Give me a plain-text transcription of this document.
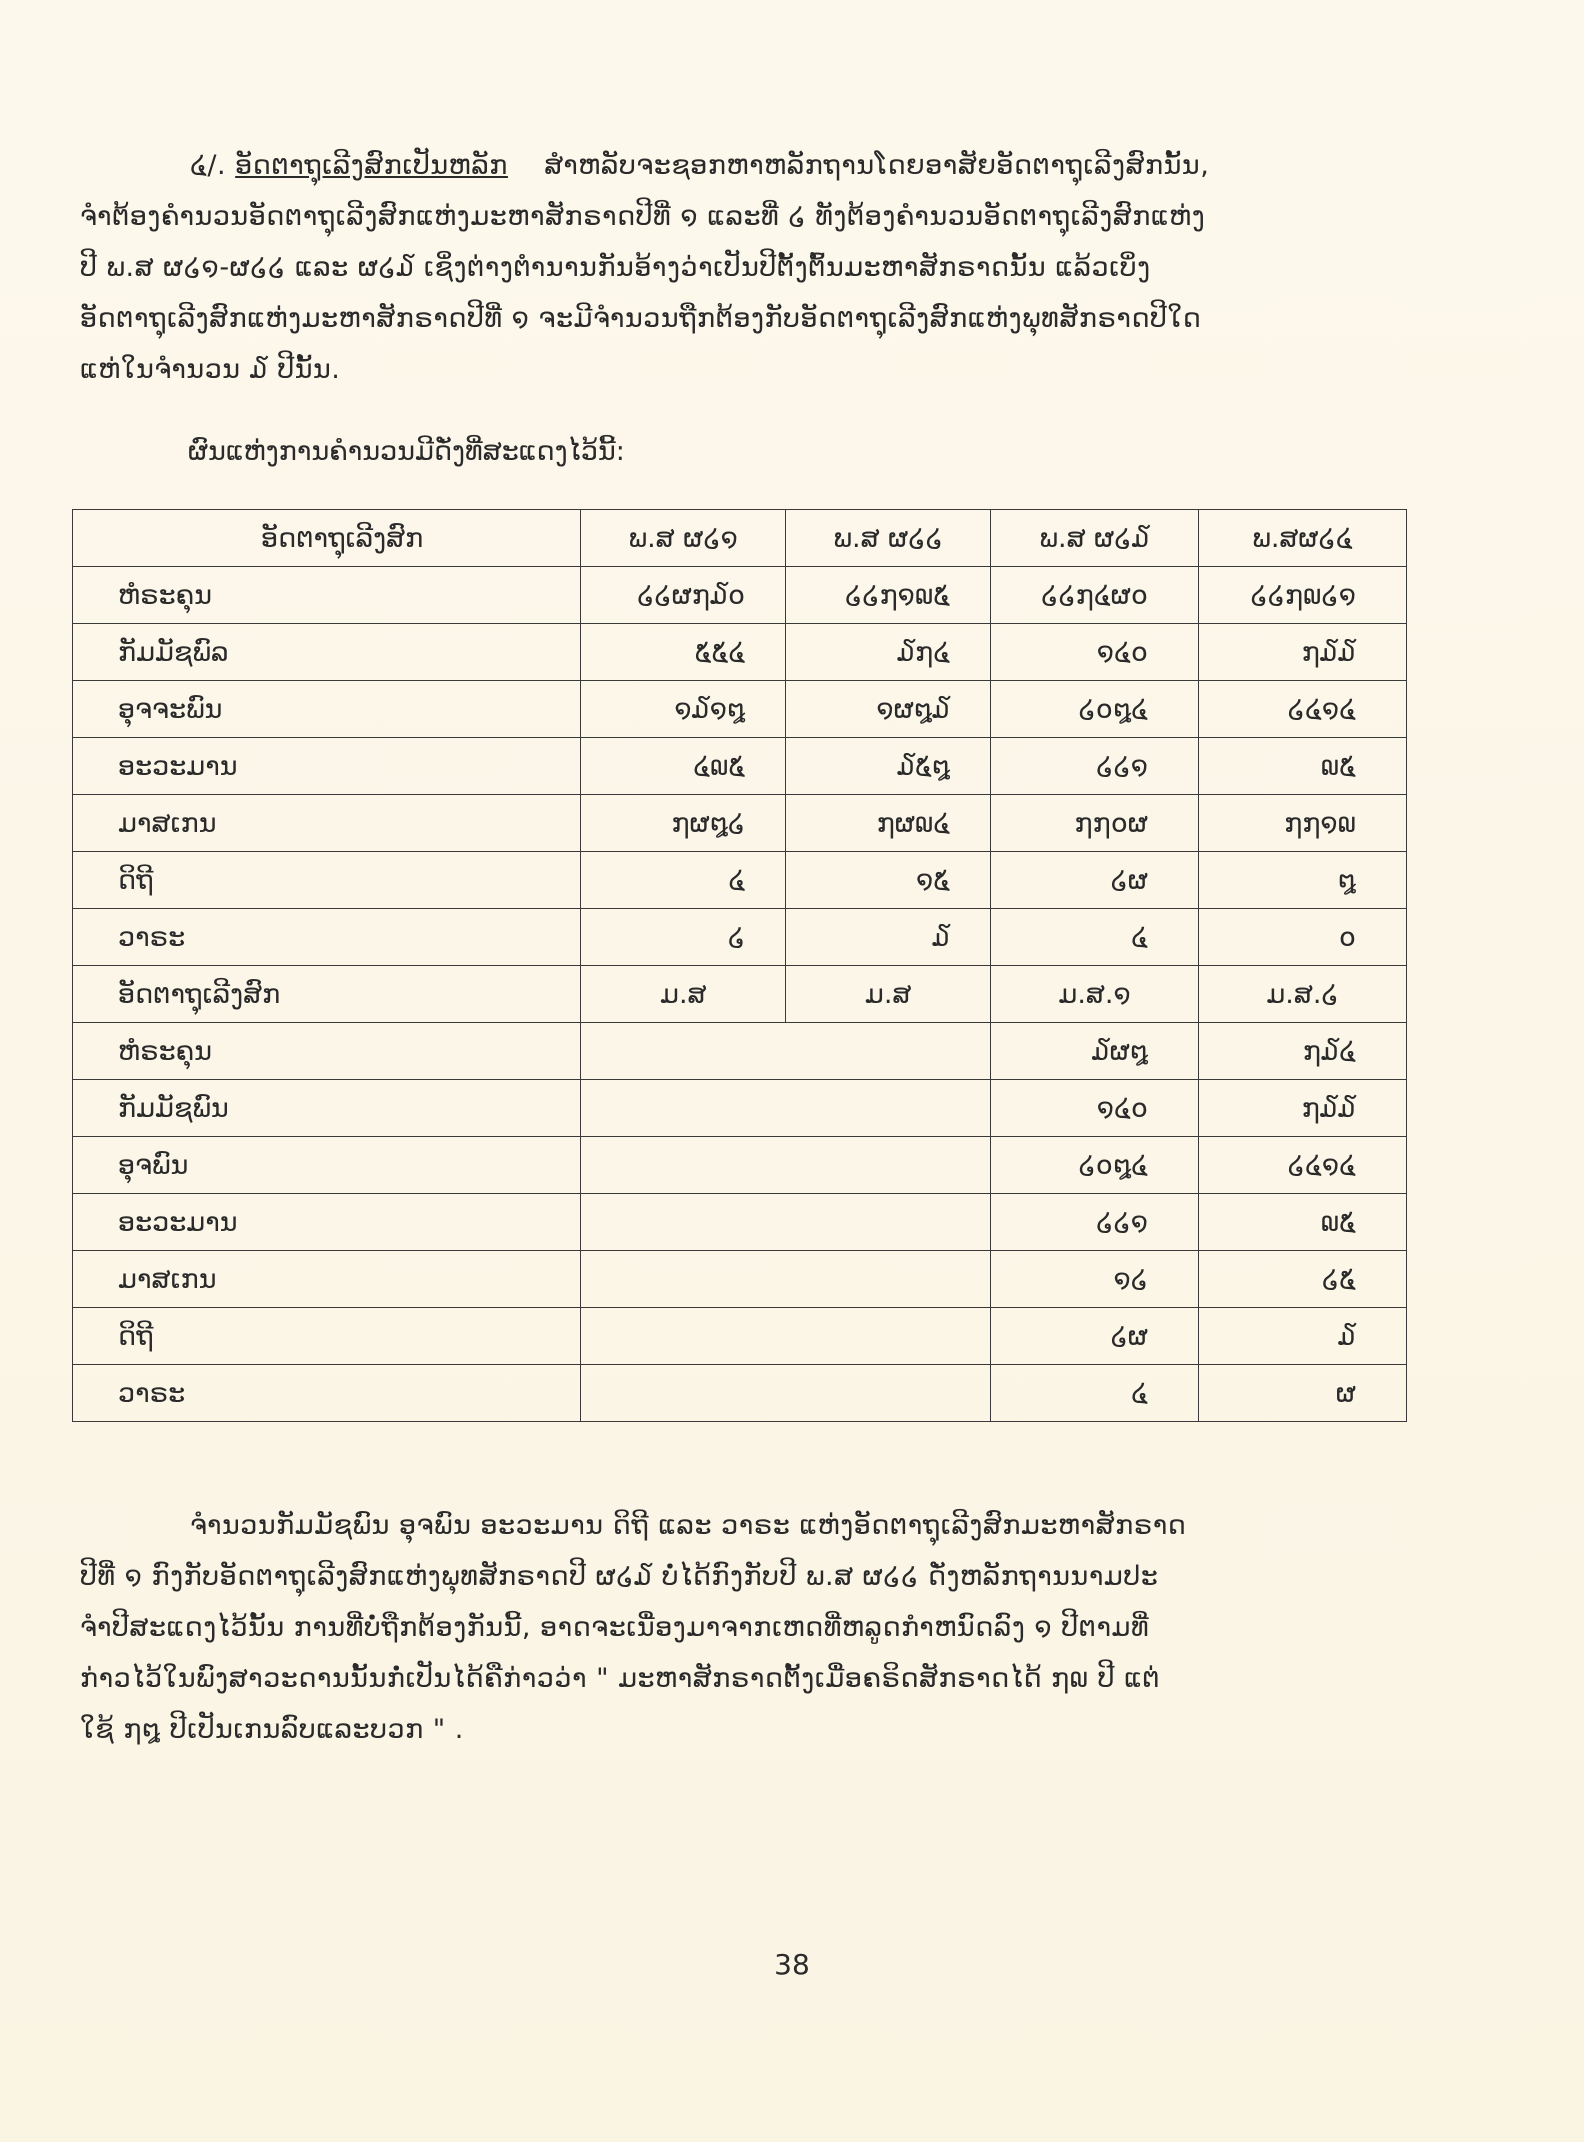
໔/. ອັດຕາຖຸເລີງສົກເປັນຫລັກ ສຳຫລັບຈະຊອກຫາຫລັກຖານໂດຍອາສັຍອັດຕາຖຸເລີງສົກນັ້ນ,
ຈຳຕ້ອງຄຳນວນອັດຕາຖຸເລີງສົກແຫ່ງມະຫາສັກຣາດປີທີ່ ໑ ແລະທີ່ ໒ ທັງຕ້ອງຄຳນວນອັດຕາຖຸເລີງສົກແຫ່ງ
ປີ ພ.ສ ຜ໒໑-ຜ໒໒ ແລະ ຜ໒໓ ເຊິ່ງຕ່າງຕຳນານກັນອ້າງວ່າເປັນປີຕັ້ງຕົ້ນມະຫາສັກຣາດນັ້ນ ແລ້ວເບິ່ງ
ອັດຕາຖຸເລີງສົກແຫ່ງມະຫາສັກຣາດປີທີ່ ໑ ຈະມີຈຳນວນຖືກຕ້ອງກັບອັດຕາຖຸເລີງສົກແຫ່ງພຸທສັກຣາດປີໃດ
ແຫ່ໃນຈຳນວນ ໓ ປີນັ້ນ.
ຜົນແຫ່ງການຄຳນວນມີດັ່ງທີ່ສະແດງໄວ້ນີ້:
ອັດຕາຖຸເລີງສົກ	ພ.ສ ຜ໒໑	ພ.ສ ຜ໒໒	ພ.ສ ຜ໒໓	ພ.ສຜ໒໔
ຫໍຣະຄຸນ	໒໒ຜ໗໓໐	໒໒໗໑໙໕	໒໒໗໔ຜ໐	໒໒໗໙໒໑
ກັມມັຊພົລ	໕໕໔	໓໗໔	໑໔໐	໗໓໓
ອຸຈຈະພົນ	໑໓໑໘	໑ຜ໘໓	໒໐໘໔	໒໔໑໔
ອະວະມານ	໔໙໕	໓໕໘	໒໒໑	໙໕
ມາສເກນ	໗ຜ໘໒	໗ຜ໙໔	໗໗໐ຜ	໗໗໑໙
ດິຖີ	໔	໑໕	໒ຜ	໘
ວາຣະ	໒	໓	໔	໐
ອັດຕາຖຸເລີງສົກ	ມ.ສ	ມ.ສ	ມ.ສ.໑	ມ.ສ.໒
ຫໍຣະຄຸນ			໓ຜ໘	໗໓໔
ກັມມັຊພົນ			໑໔໐	໗໓໓
ອຸຈພົນ			໒໐໘໔	໒໔໑໔
ອະວະມານ			໒໒໑	໙໕
ມາສເກນ			໑໒	໒໕
ດິຖີ			໒ຜ	໓
ວາຣະ			໔	ຜ
ຈຳນວນກັມມັຊພົນ ອຸຈພົນ ອະວະມານ ດິຖີ ແລະ ວາຣະ ແຫ່ງອັດຕາຖຸເລີງສົກມະຫາສັກຣາດ
ປີທີ່ ໑ ກົງກັບອັດຕາຖຸເລີງສົກແຫ່ງພຸທສັກຣາດປີ ຜ໒໓ ບໍ່ໄດ້ກົງກັບປີ ພ.ສ ຜ໒໒ ດັ່ງຫລັກຖານນາມປະ
ຈຳປີສະແດງໄວ້ນັ້ນ ການທີ່ບໍ່ຖືກຕ້ອງກັນນີ້, ອາດຈະເນື່ອງມາຈາກເຫດທີ່ຫລູດກຳຫນົດລົງ ໑ ປີຕາມທີ່
ກ່າວໄວ້ໃນພົງສາວະດານນັ້ນກໍ່ເປັນໄດ້ຄືກ່າວວ່າ " ມະຫາສັກຣາດຕັ້ງເມື່ອຄຣິດສັກຣາດໄດ້ ໗໙ ປີ ແຕ່
ໃຊ້ ໗໘ ປີເປັນເກນລົບແລະບວກ " .
38
